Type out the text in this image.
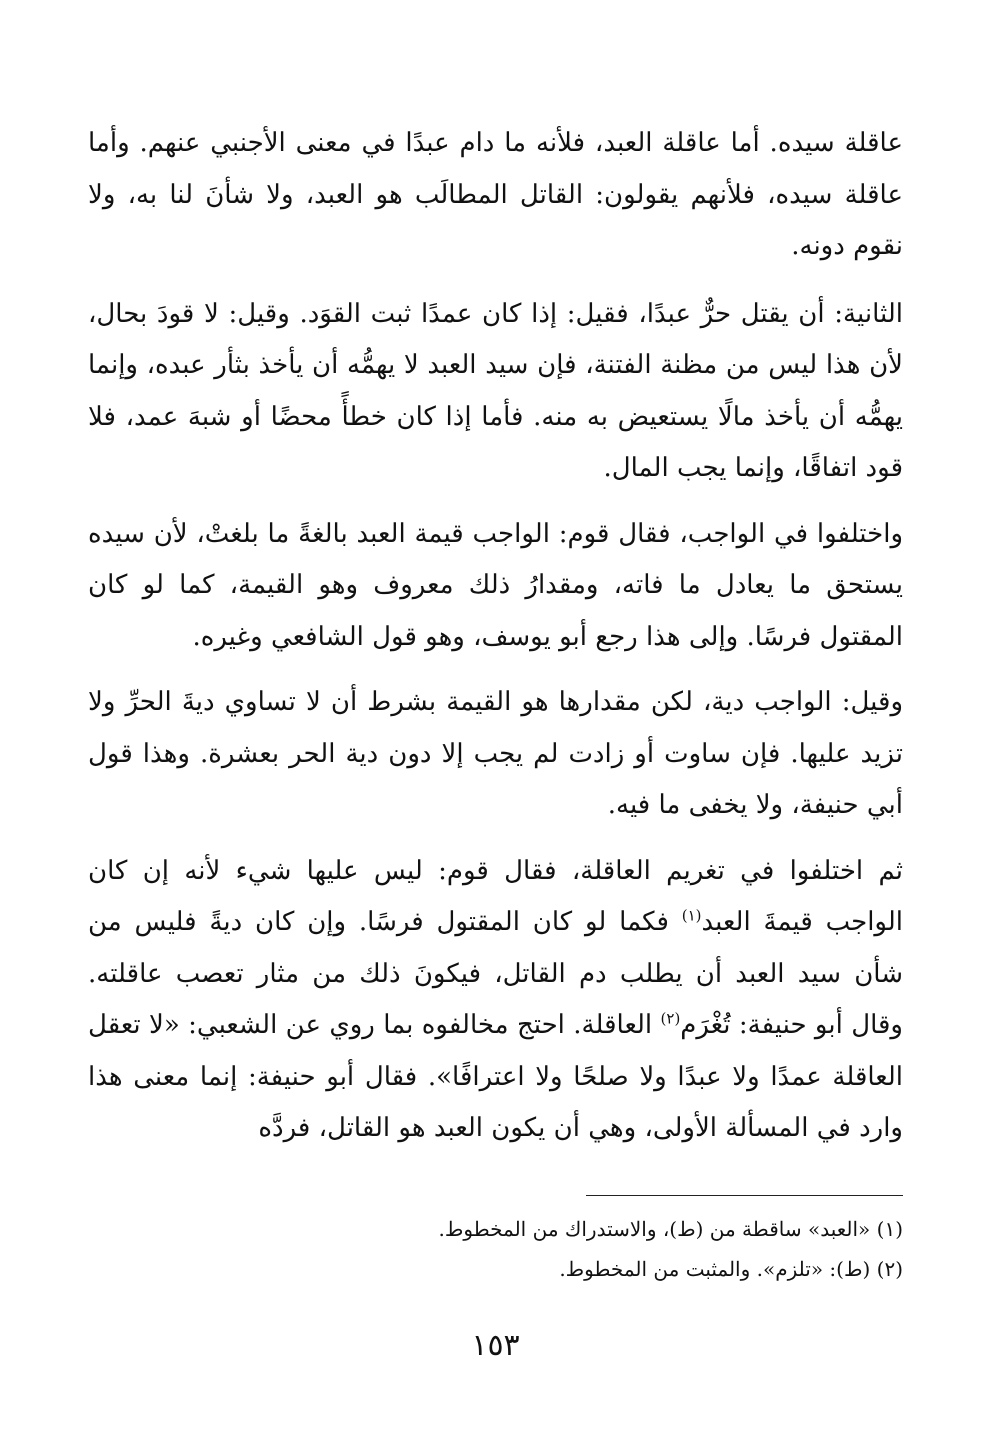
عاقلة سيده. أما عاقلة العبد، فلأنه ما دام عبدًا في معنى الأجنبي عنهم. وأما عاقلة سيده، فلأنهم يقولون: القاتل المطالَب هو العبد، ولا شأنَ لنا به، ولا نقوم دونه.

الثانية: أن يقتل حرٌّ عبدًا، فقيل: إذا كان عمدًا ثبت القوَد. وقيل: لا قودَ بحال، لأن هذا ليس من مظنة الفتنة، فإن سيد العبد لا يهمُّه أن يأخذ بثأر عبده، وإنما يهمُّه أن يأخذ مالًا يستعيض به منه. فأما إذا كان خطأً محضًا أو شبهَ عمد، فلا قود اتفاقًا، وإنما يجب المال.

واختلفوا في الواجب، فقال قوم: الواجب قيمة العبد بالغةً ما بلغتْ، لأن سيده يستحق ما يعادل ما فاته، ومقدارُ ذلك معروف وهو القيمة، كما لو كان المقتول فرسًا. وإلى هذا رجع أبو يوسف، وهو قول الشافعي وغيره.

وقيل: الواجب دية، لكن مقدارها هو القيمة بشرط أن لا تساوي ديةَ الحرِّ ولا تزيد عليها. فإن ساوت أو زادت لم يجب إلا دون دية الحر بعشرة. وهذا قول أبي حنيفة، ولا يخفى ما فيه.

ثم اختلفوا في تغريم العاقلة، فقال قوم: ليس عليها شيء لأنه إن كان الواجب قيمةَ العبد$^{(١)}$ فكما لو كان المقتول فرسًا. وإن كان ديةً فليس من شأن سيد العبد أن يطلب دم القاتل، فيكونَ ذلك من مثار تعصب عاقلته. وقال أبو حنيفة: تُغْرَم$^{(٢)}$ العاقلة. احتج مخالفوه بما روي عن الشعبي: «لا تعقل العاقلة عمدًا ولا عبدًا ولا صلحًا ولا اعترافًا». فقال أبو حنيفة: إنما معنى هذا وارد في المسألة الأولى، وهي أن يكون العبد هو القاتل، فردَّه

(١) «العبد» ساقطة من (ط)، والاستدراك من المخطوط.

(٢) (ط): «تلزم». والمثبت من المخطوط.

١٥٣
